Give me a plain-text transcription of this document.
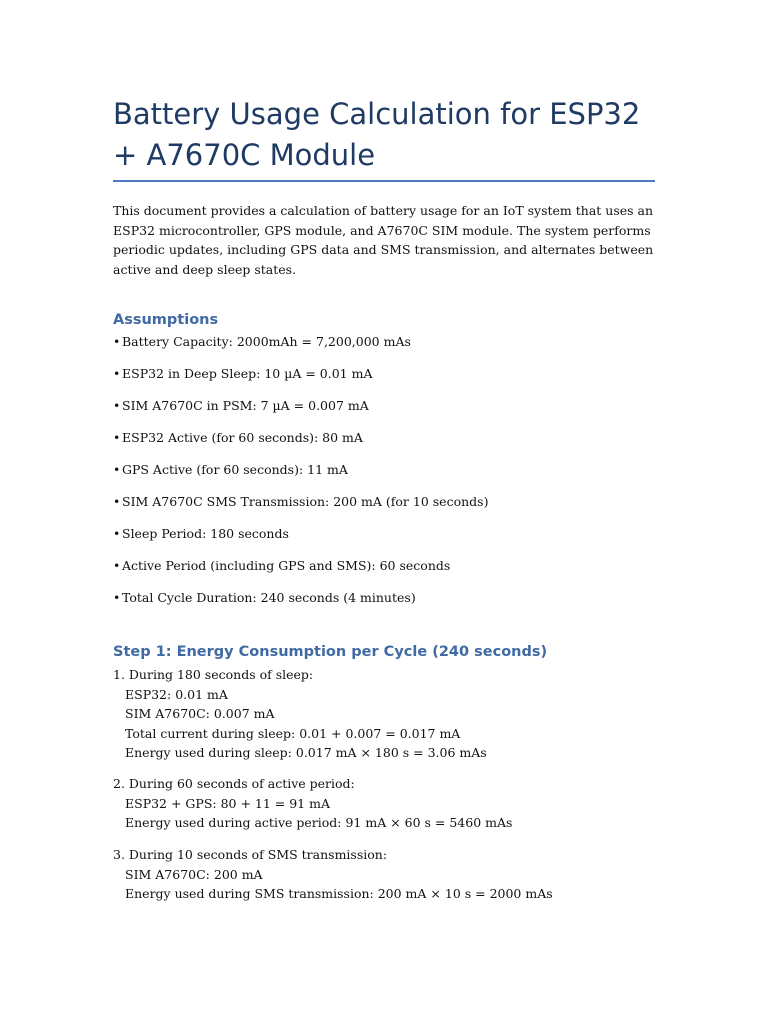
Battery Usage Calculation for ESP32 + A7670C Module

This document provides a calculation of battery usage for an IoT system that uses an ESP32 microcontroller, GPS module, and A7670C SIM module. The system performs periodic updates, including GPS data and SMS transmission, and alternates between active and deep sleep states.

Assumptions
• Battery Capacity: 2000mAh = 7,200,000 mAs
• ESP32 in Deep Sleep: 10 µA = 0.01 mA
• SIM A7670C in PSM: 7 µA = 0.007 mA
• ESP32 Active (for 60 seconds): 80 mA
• GPS Active (for 60 seconds): 11 mA
• SIM A7670C SMS Transmission: 200 mA (for 10 seconds)
• Sleep Period: 180 seconds
• Active Period (including GPS and SMS): 60 seconds
• Total Cycle Duration: 240 seconds (4 minutes)
Step 1: Energy Consumption per Cycle (240 seconds)
1. During 180 seconds of sleep:
ESP32: 0.01 mA
SIM A7670C: 0.007 mA
Total current during sleep: 0.01 + 0.007 = 0.017 mA
Energy used during sleep: 0.017 mA × 180 s = 3.06 mAs
2. During 60 seconds of active period:
ESP32 + GPS: 80 + 11 = 91 mA
Energy used during active period: 91 mA × 60 s = 5460 mAs
3. During 10 seconds of SMS transmission:
SIM A7670C: 200 mA
Energy used during SMS transmission: 200 mA × 10 s = 2000 mAs
